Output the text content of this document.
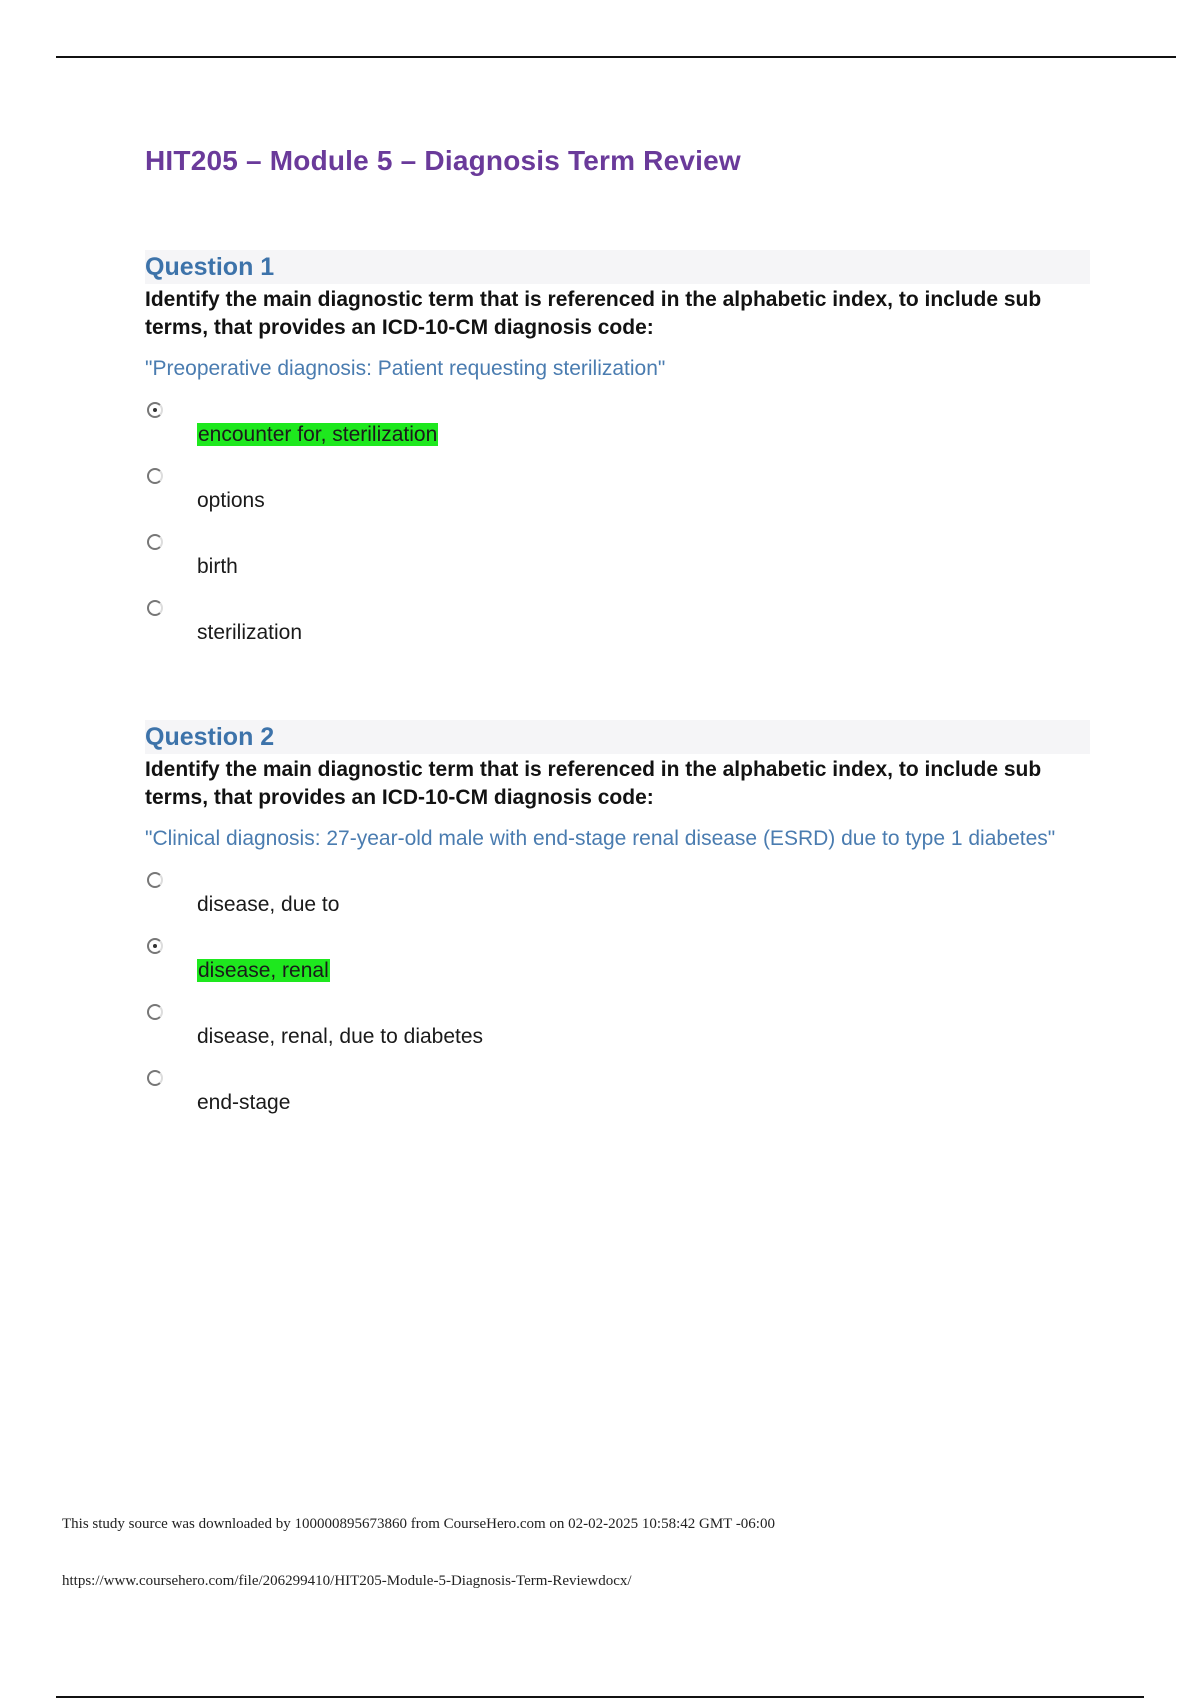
HIT205 – Module 5 – Diagnosis Term Review
Question 1
Identify the main diagnostic term that is referenced in the alphabetic index, to include sub terms, that provides an ICD-10-CM diagnosis code:
"Preoperative diagnosis: Patient requesting sterilization"
encounter for, sterilization
options
birth
sterilization
Question 2
Identify the main diagnostic term that is referenced in the alphabetic index, to include sub terms, that provides an ICD-10-CM diagnosis code:
"Clinical diagnosis: 27-year-old male with end-stage renal disease (ESRD) due to type 1 diabetes"
disease, due to
disease, renal
disease, renal, due to diabetes
end-stage
This study source was downloaded by 100000895673860 from CourseHero.com on 02-02-2025 10:58:42 GMT -06:00
https://www.coursehero.com/file/206299410/HIT205-Module-5-Diagnosis-Term-Reviewdocx/
